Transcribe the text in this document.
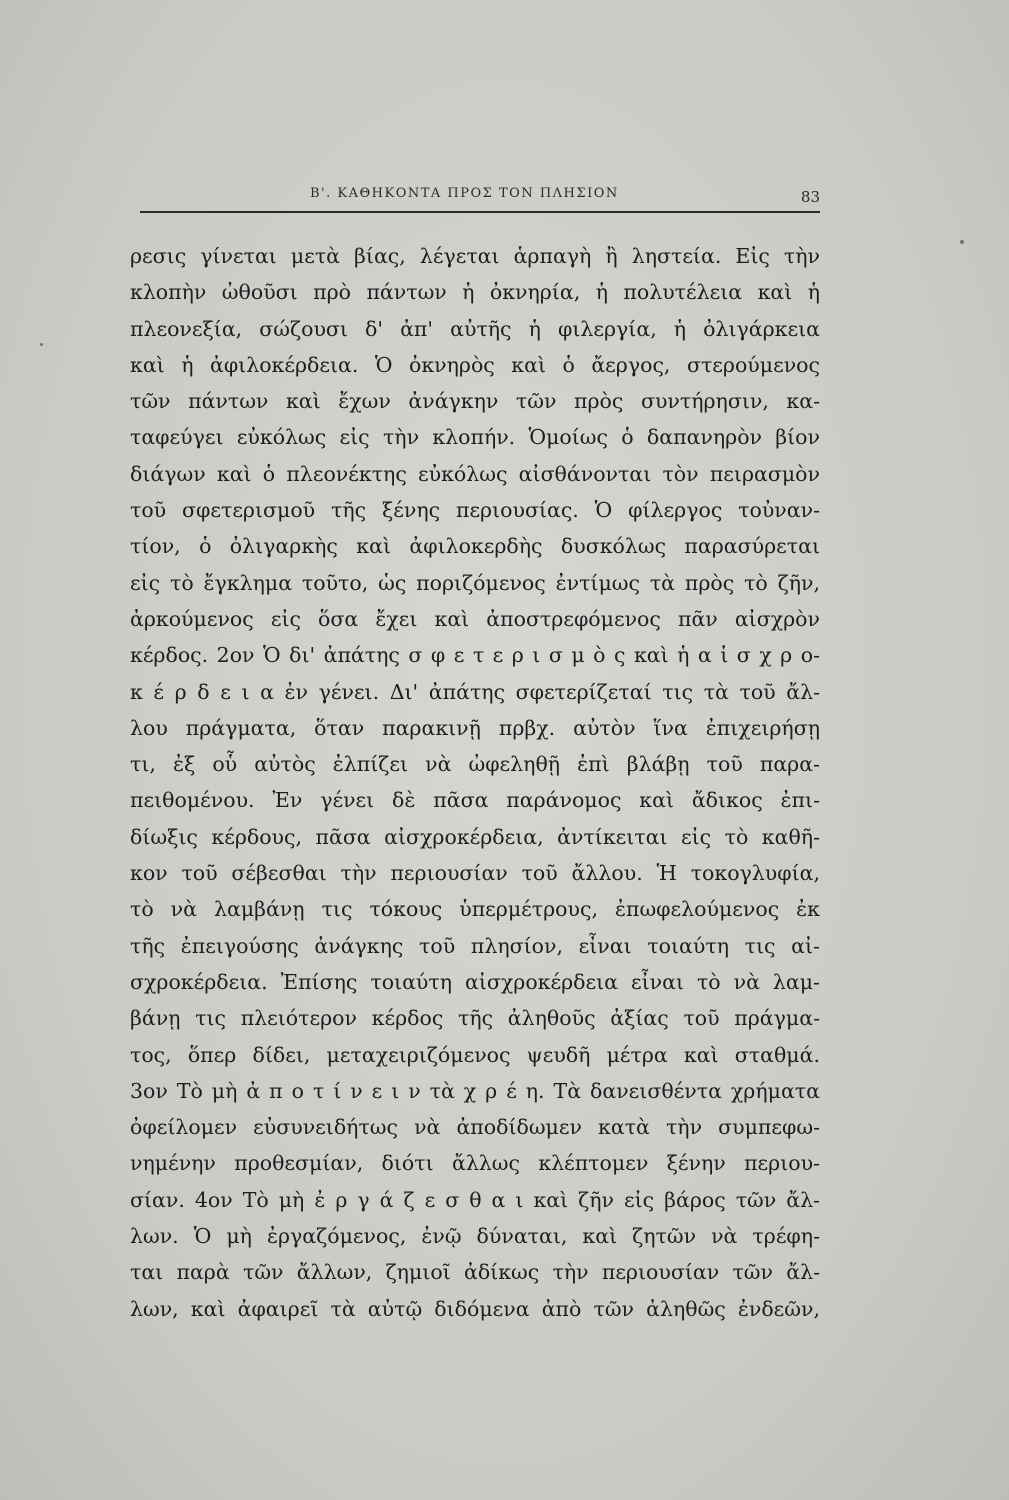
Β'. ΚΑΘΗΚΟΝΤΑ ΠΡΟΣ ΤΟΝ ΠΛΗΣΙΟΝ	83
ρεσις γίνεται μετὰ βίας, λέγεται ἁρπαγὴ ἢ ληστεία. Εἰς τὴν
κλοπὴν ὠθοῦσι πρὸ πάντων ἡ ὀκνηρία, ἡ πολυτέλεια καὶ ἡ
πλεονεξία, σώζουσι δ' ἀπ' αὐτῆς ἡ φιλεργία, ἡ ὀλιγάρκεια
καὶ ἡ ἀφιλοκέρδεια. Ὁ ὀκνηρὸς καὶ ὁ ἄεργος, στερούμενος
τῶν πάντων καὶ ἔχων ἀνάγκην τῶν πρὸς συντήρησιν, κα-
ταφεύγει εὐκόλως εἰς τὴν κλοπήν. Ὁμοίως ὁ δαπανηρὸν βίον
διάγων καὶ ὁ πλεονέκτης εὐκόλως αἰσθάνονται τὸν πειρασμὸν
τοῦ σφετερισμοῦ τῆς ξένης περιουσίας. Ὁ φίλεργος τοὐναν-
τίον, ὁ ὀλιγαρκὴς καὶ ἀφιλοκερδὴς δυσκόλως παρασύρεται
εἰς τὸ ἔγκλημα τοῦτο, ὡς ποριζόμενος ἐντίμως τὰ πρὸς τὸ ζῆν,
ἀρκούμενος εἰς ὅσα ἔχει καὶ ἀποστρεφόμενος πᾶν αἰσχρὸν
κέρδος. 2ον Ὁ δι' ἀπάτης σ φ ε τ ε ρ ι σ μ ὸ ς καὶ ἡ α ἰ σ χ ρ ο-
κ έ ρ δ ε ι α ἐν γένει. Δι' ἀπάτης σφετερίζεταί τις τὰ τοῦ ἄλ-
λου πράγματα, ὅταν παρακινῇ πρβχ. αὐτὸν ἵνα ἐπιχειρήσῃ
τι, ἐξ οὗ αὐτὸς ἐλπίζει νὰ ὠφεληθῇ ἐπὶ βλάβῃ τοῦ παρα-
πειθομένου. Ἐν γένει δὲ πᾶσα παράνομος καὶ ἄδικος ἐπι-
δίωξις κέρδους, πᾶσα αἰσχροκέρδεια, ἀντίκειται εἰς τὸ καθῆ-
κον τοῦ σέβεσθαι τὴν περιουσίαν τοῦ ἄλλου. Ἡ τοκογλυφία,
τὸ νὰ λαμβάνῃ τις τόκους ὑπερμέτρους, ἐπωφελούμενος ἐκ
τῆς ἐπειγούσης ἀνάγκης τοῦ πλησίον, εἶναι τοιαύτη τις αἰ-
σχροκέρδεια. Ἐπίσης τοιαύτη αἰσχροκέρδεια εἶναι τὸ νὰ λαμ-
βάνῃ τις πλειότερον κέρδος τῆς ἀληθοῦς ἀξίας τοῦ πράγμα-
τος, ὅπερ δίδει, μεταχειριζόμενος ψευδῆ μέτρα καὶ σταθμά.
3ον Τὸ μὴ ἀ π ο τ ί ν ε ι ν τὰ χ ρ έ η. Τὰ δανεισθέντα χρήματα
ὀφείλομεν εὐσυνειδήτως νὰ ἀποδίδωμεν κατὰ τὴν συμπεφω-
νημένην προθεσμίαν, διότι ἄλλως κλέπτομεν ξένην περιου-
σίαν. 4ον Τὸ μὴ ἐ ρ γ ά ζ ε σ θ α ι καὶ ζῆν εἰς βάρος τῶν ἄλ-
λων. Ὁ μὴ ἐργαζόμενος, ἐνῷ δύναται, καὶ ζητῶν νὰ τρέφη-
ται παρὰ τῶν ἄλλων, ζημιοῖ ἀδίκως τὴν περιουσίαν τῶν ἄλ-
λων, καὶ ἀφαιρεῖ τὰ αὐτῷ διδόμενα ἀπὸ τῶν ἀληθῶς ἐνδεῶν,
